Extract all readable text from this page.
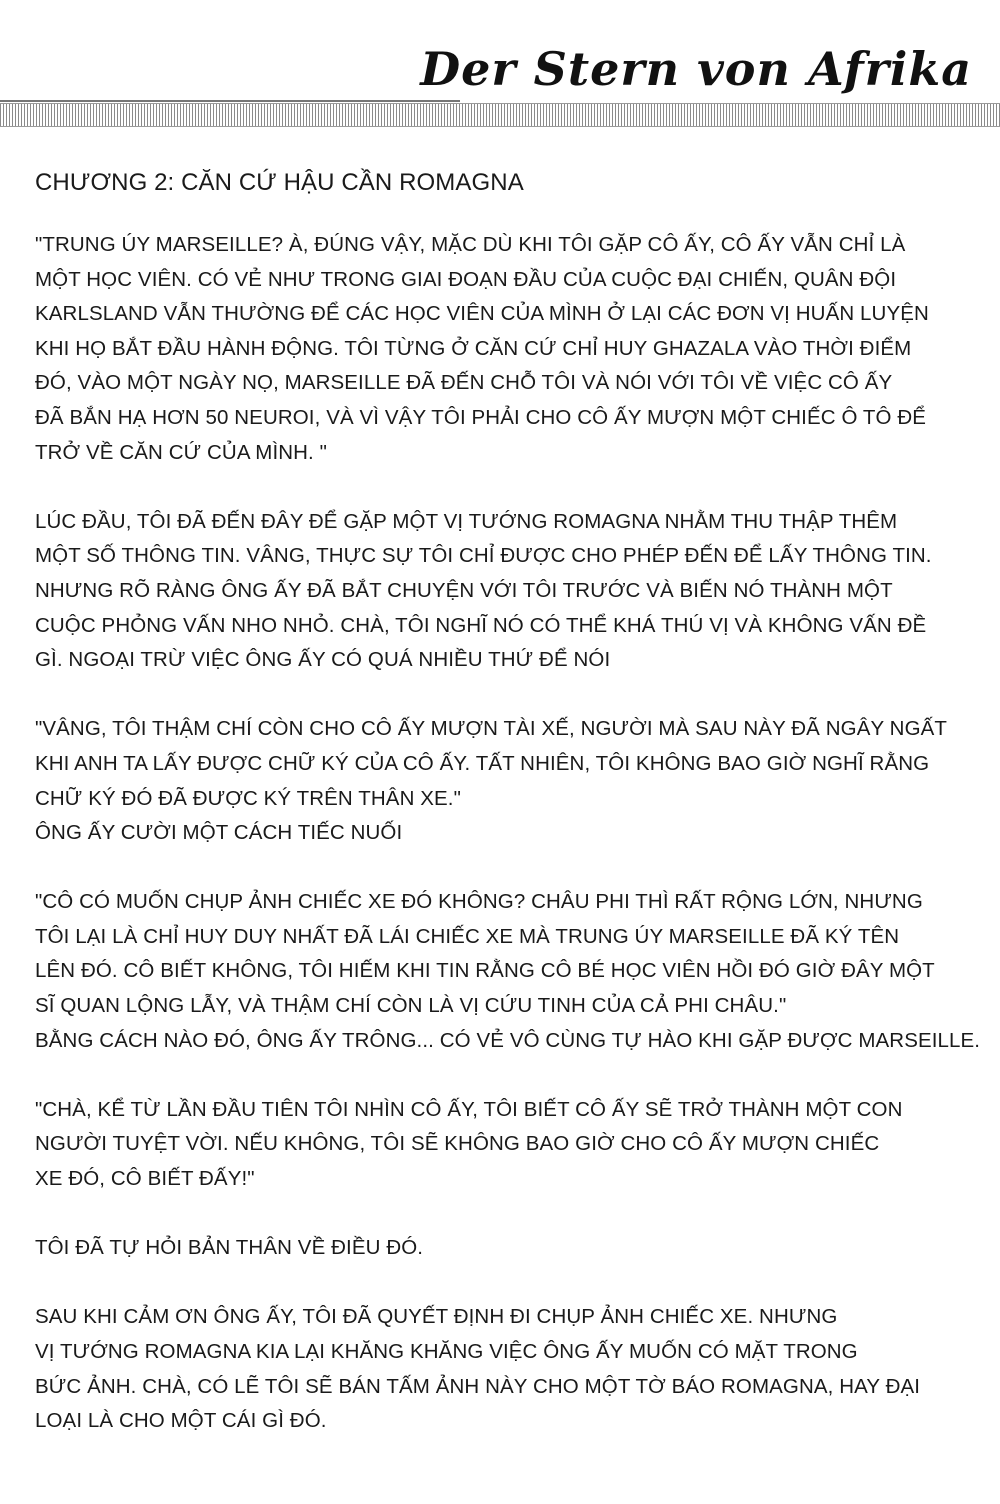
Der Stern von Afrika
CHƯƠNG 2: CĂN CỨ HẬU CẦN ROMAGNA
"TRUNG ÚY MARSEILLE? À, ĐÚNG VẬY, MẶC DÙ KHI TÔI GẶP CÔ ẤY, CÔ ẤY VẪN CHỈ LÀ
MỘT HỌC VIÊN. CÓ VẺ NHƯ TRONG GIAI ĐOẠN ĐẦU CỦA CUỘC ĐẠI CHIẾN, QUÂN ĐỘI
KARLSLAND VẪN THƯỜNG ĐỂ CÁC HỌC VIÊN CỦA MÌNH Ở LẠI CÁC ĐƠN VỊ HUẤN LUYỆN
KHI HỌ BẮT ĐẦU HÀNH ĐỘNG. TÔI TỪNG Ở CĂN CỨ CHỈ HUY GHAZALA VÀO THỜI ĐIỂM
ĐÓ, VÀO MỘT NGÀY NỌ, MARSEILLE ĐÃ ĐẾN CHỖ TÔI VÀ NÓI VỚI TÔI VỀ VIỆC CÔ ẤY
ĐÃ BẮN HẠ HƠN 50 NEUROI, VÀ VÌ VẬY TÔI PHẢI CHO CÔ ẤY MƯỢN MỘT CHIẾC Ô TÔ ĐỂ
TRỞ VỀ CĂN CỨ CỦA MÌNH. "
LÚC ĐẦU, TÔI ĐÃ ĐẾN ĐÂY ĐỂ GẶP MỘT VỊ TƯỚNG ROMAGNA NHẰM THU THẬP THÊM
MỘT SỐ THÔNG TIN. VÂNG, THỰC SỰ TÔI CHỈ ĐƯỢC CHO PHÉP ĐẾN ĐỂ LẤY THÔNG TIN.
NHƯNG RÕ RÀNG ÔNG ẤY ĐÃ BẮT CHUYỆN VỚI TÔI TRƯỚC VÀ BIẾN NÓ THÀNH MỘT
CUỘC PHỎNG VẤN NHO NHỎ. CHÀ, TÔI NGHĨ NÓ CÓ THỂ KHÁ THÚ VỊ VÀ KHÔNG VẤN ĐỀ
GÌ. NGOẠI TRỪ VIỆC ÔNG ẤY CÓ QUÁ NHIỀU THỨ ĐỂ NÓI
"VÂNG, TÔI THẬM CHÍ CÒN CHO CÔ ẤY MƯỢN TÀI XẾ, NGƯỜI MÀ SAU NÀY ĐÃ NGÂY NGẤT
KHI ANH TA LẤY ĐƯỢC CHỮ KÝ CỦA CÔ ẤY. TẤT NHIÊN, TÔI KHÔNG BAO GIỜ NGHĨ RẰNG
CHỮ KÝ ĐÓ ĐÃ ĐƯỢC KÝ TRÊN THÂN XE."
ÔNG ẤY CƯỜI MỘT CÁCH TIẾC NUỐI
"CÔ CÓ MUỐN CHỤP ẢNH CHIẾC XE ĐÓ KHÔNG? CHÂU PHI THÌ RẤT RỘNG LỚN, NHƯNG
TÔI LẠI LÀ CHỈ HUY DUY NHẤT ĐÃ LÁI CHIẾC XE MÀ TRUNG ÚY MARSEILLE ĐÃ KÝ TÊN
LÊN ĐÓ. CÔ BIẾT KHÔNG, TÔI HIẾM KHI TIN RẰNG CÔ BÉ HỌC VIÊN HỒI ĐÓ GIỜ ĐÂY MỘT
SĨ QUAN LỘNG LẪY, VÀ THẬM CHÍ CÒN LÀ VỊ CỨU TINH CỦA CẢ PHI CHÂU."
BẰNG CÁCH NÀO ĐÓ, ÔNG ẤY TRÔNG... CÓ VẺ VÔ CÙNG TỰ HÀO KHI GẶP ĐƯỢC MARSEILLE.
"CHÀ, KỂ TỪ LẦN ĐẦU TIÊN TÔI NHÌN CÔ ẤY, TÔI BIẾT CÔ ẤY SẼ TRỞ THÀNH MỘT CON
NGƯỜI TUYỆT VỜI. NẾU KHÔNG, TÔI SẼ KHÔNG BAO GIỜ CHO CÔ ẤY MƯỢN CHIẾC
XE ĐÓ, CÔ BIẾT ĐẤY!"
TÔI ĐÃ TỰ HỎI BẢN THÂN VỀ ĐIỀU ĐÓ.
SAU KHI CẢM ƠN ÔNG ẤY, TÔI ĐÃ QUYẾT ĐỊNH ĐI CHỤP ẢNH CHIẾC XE. NHƯNG
VỊ TƯỚNG ROMAGNA KIA LẠI KHĂNG KHĂNG VIỆC ÔNG ẤY MUỐN CÓ MẶT TRONG
BỨC ẢNH. CHÀ, CÓ LẼ TÔI SẼ BÁN TẤM ẢNH NÀY CHO MỘT TỜ BÁO ROMAGNA, HAY ĐẠI
LOẠI LÀ CHO MỘT CÁI GÌ ĐÓ.
